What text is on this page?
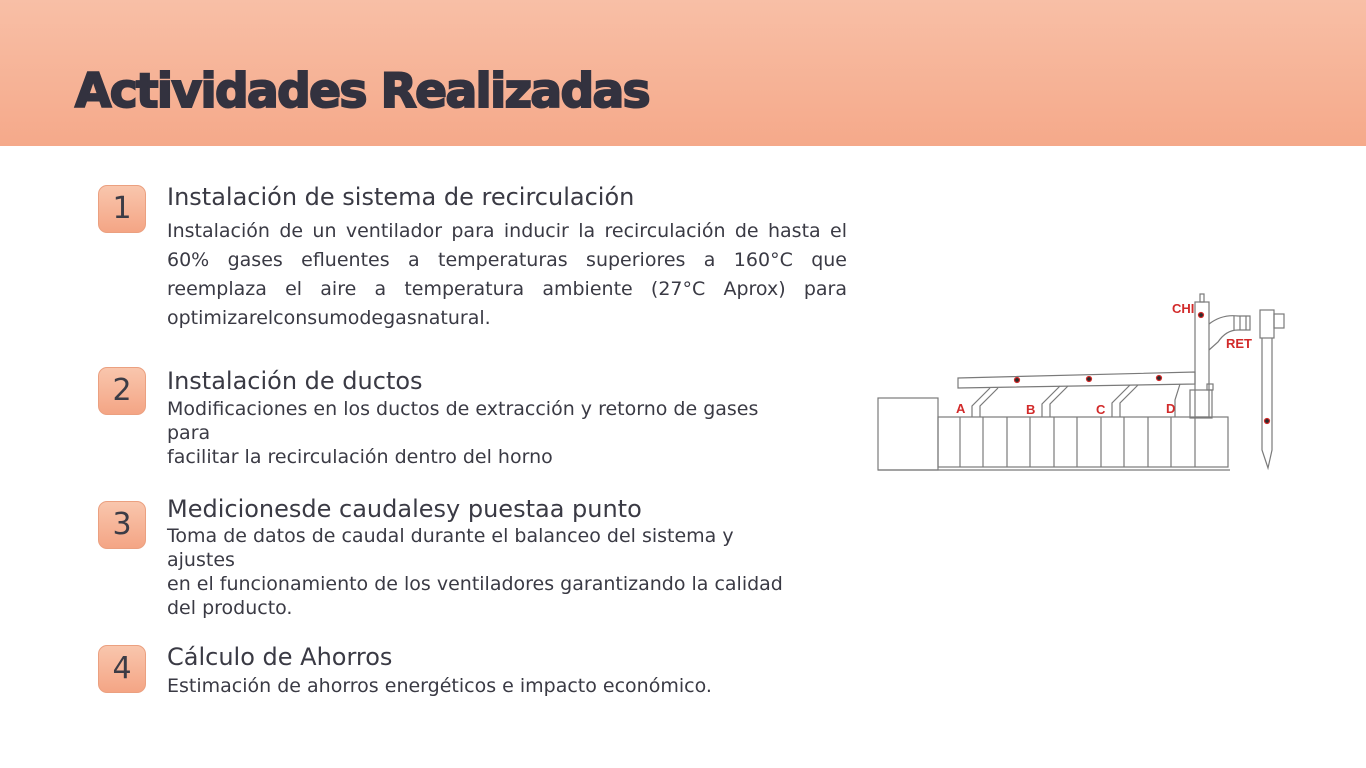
Actividades Realizadas
1	Instalación de sistema de recirculación
Instalación de un ventilador para inducir la recirculación de hasta el 60% gases efluentes a temperaturas superiores a 160°C que reemplaza el aire a temperatura ambiente (27°C Aprox) para optimizarelconsumodegasnatural.
2	Instalación de ductos
Modificaciones en los ductos de extracción y retorno de gases
para
facilitar la recirculación dentro del horno
3	Medicionesde caudalesy puestaa punto
Toma de datos de caudal durante el balanceo del sistema y
ajustes
en el funcionamiento de los ventiladores garantizando la calidad
del producto.
4	Cálculo de Ahorros
Estimación de ahorros energéticos e impacto económico.
CHI
RET
A	B	C	D
